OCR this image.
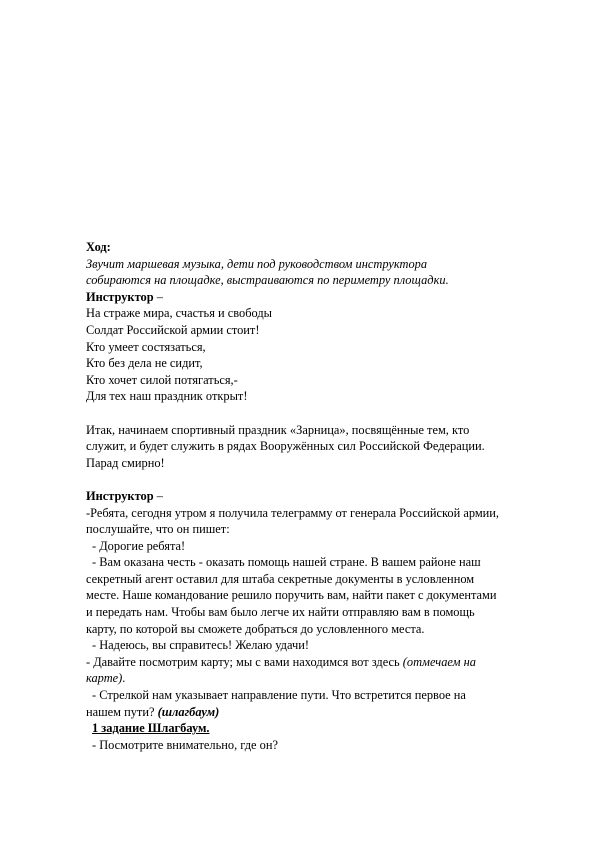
Ход:
Звучит маршевая музыка, дети под руководством инструктора
собираются на площадке, выстраиваются по периметру площадки.
Инструктор –
На страже мира, счастья и свободы
Солдат Российской армии стоит!
Кто умеет состязаться,
Кто без дела не сидит,
Кто хочет силой потягаться,-
Для тех наш праздник открыт!
Итак, начинаем спортивный праздник «Зарница», посвящённые тем, кто
служит, и будет служить в рядах Вооружённых сил Российской Федерации.
Парад смирно!
Инструктор –
-Ребята, сегодня утром я получила телеграмму от генерала Российской армии,
послушайте, что он пишет:
- Дорогие ребята!
- Вам оказана честь - оказать помощь нашей стране. В вашем районе наш
секретный агент оставил для штаба секретные документы в условленном
месте. Наше командование решило поручить вам, найти пакет с документами
и передать нам. Чтобы вам было легче их найти отправляю вам в помощь
карту, по которой вы сможете добраться до условленного места.
- Надеюсь, вы справитесь! Желаю удачи!
- Давайте посмотрим карту; мы с вами находимся вот здесь (отмечаем на
карте).
- Стрелкой нам указывает направление пути. Что встретится первое на
нашем пути? (шлагбаум)
1 задание Шлагбаум.
- Посмотрите внимательно, где он?
